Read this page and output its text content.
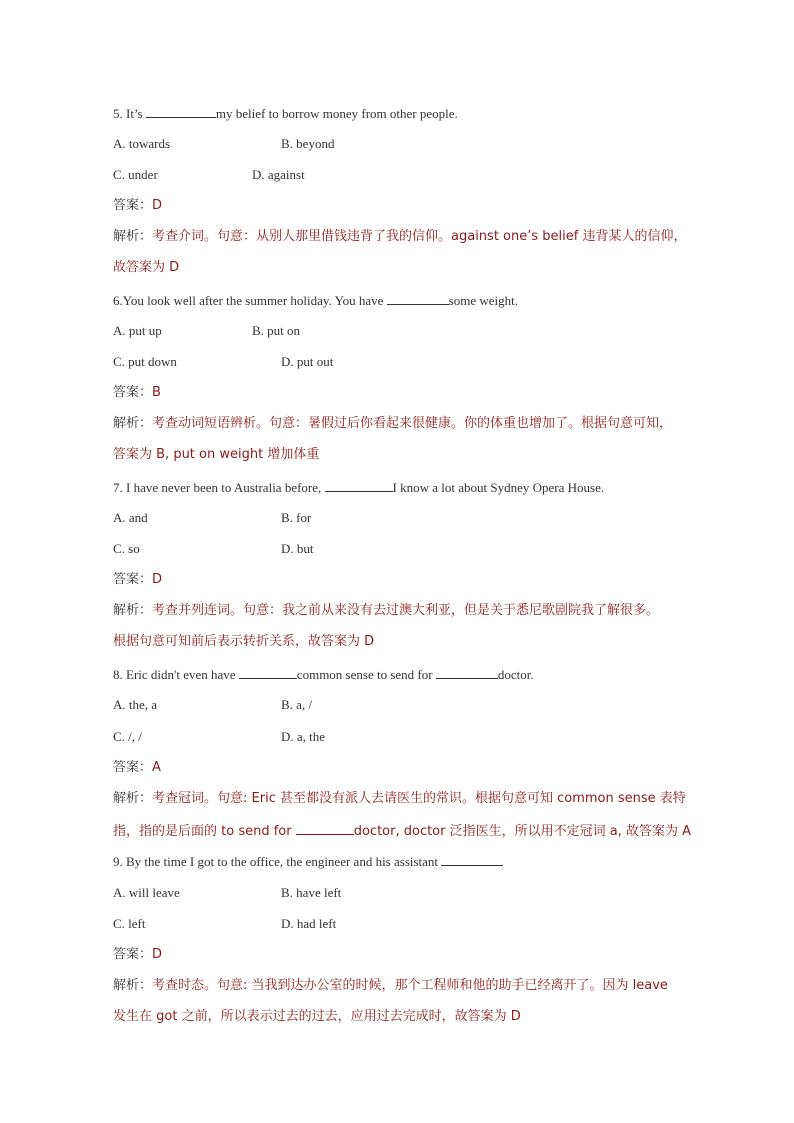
5. It’s	my belief to borrow money from other people.
A. towards	B. beyond
C. under	D. against
答案：D
解析：考查介词。句意：从别人那里借钱违背了我的信仰。against one’s belief 违背某人的信仰，
故答案为 D
6.You look well after the summer holiday. You have	some weight.
A. put up	B. put on
C. put down	D. put out
答案：B
解析：考查动词短语辨析。句意：暑假过后你看起来很健康。你的体重也增加了。根据句意可知，
答案为 B, put on weight 增加体重
7. I have never been to Australia before,	I know a lot about Sydney Opera House.
A. and	B. for
C. so	D. but
答案：D
解析：考查并列连词。句意：我之前从来没有去过澳大利亚，但是关于悉尼歌剧院我了解很多。
根据句意可知前后表示转折关系，故答案为 D
8. Eric didn't even have	common sense to send for	doctor.
A. the, a	B. a, /
C. /, /	D. a, the
答案：A
解析：考查冠词。句意: Eric 甚至都没有派人去请医生的常识。根据句意可知 common sense 表特
指，指的是后面的 to send for	doctor, doctor 泛指医生，所以用不定冠词 a, 故答案为 A
9. By the time I got to the office, the engineer and his assistant
A. will leave	B. have left
C. left	D. had left
答案：D
解析：考查时态。句意: 当我到达办公室的时候，那个工程师和他的助手已经离开了。因为 leave
发生在 got 之前，所以表示过去的过去，应用过去完成时，故答案为 D
